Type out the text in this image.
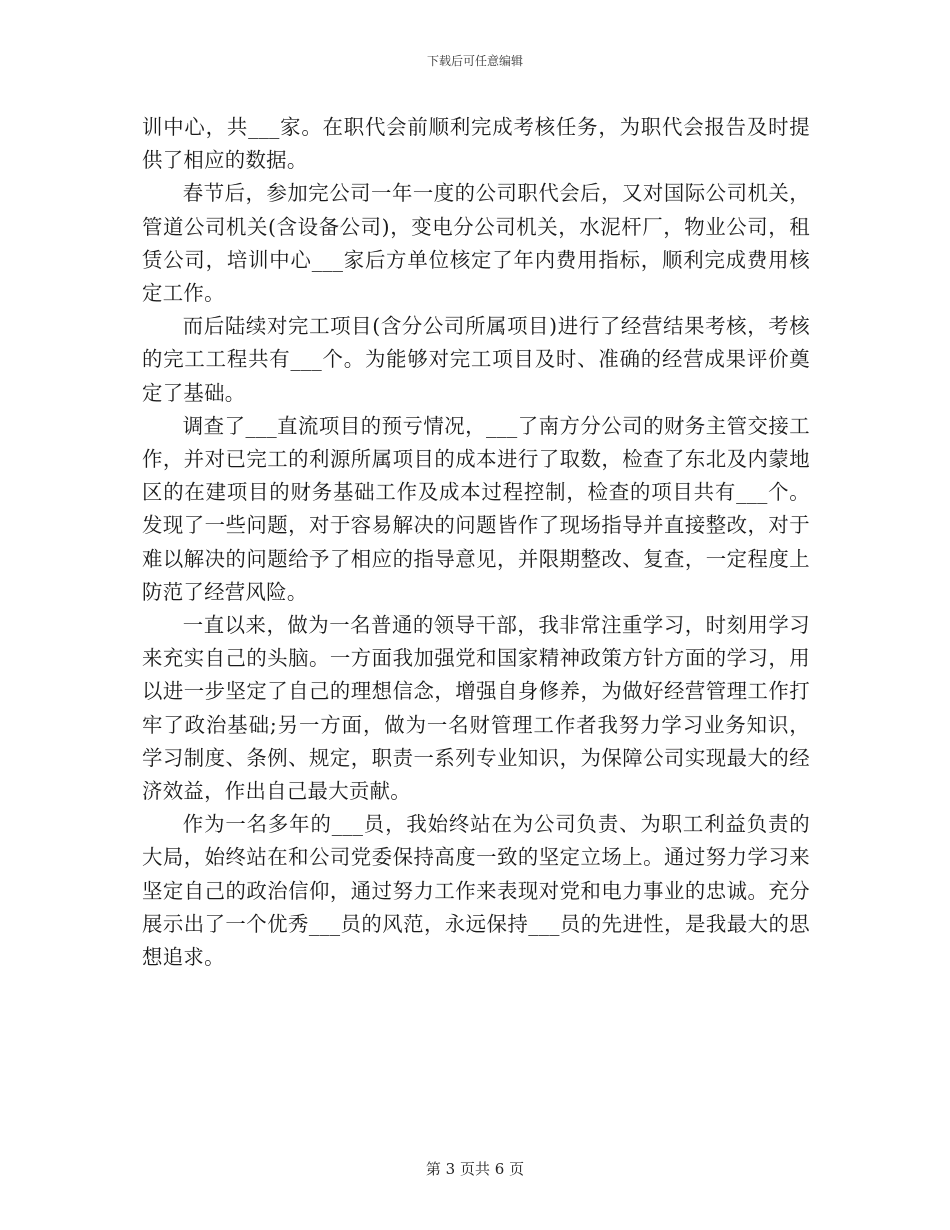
下载后可任意编辑

训中心，共___家。在职代会前顺利完成考核任务，为职代会报告及时提供了相应的数据。

春节后，参加完公司一年一度的公司职代会后，又对国际公司机关，管道公司机关(含设备公司)，变电分公司机关，水泥杆厂，物业公司，租赁公司，培训中心___家后方单位核定了年内费用指标，顺利完成费用核定工作。

而后陆续对完工项目(含分公司所属项目)进行了经营结果考核，考核的完工工程共有___个。为能够对完工项目及时、准确的经营成果评价奠定了基础。

调查了___直流项目的预亏情况，___了南方分公司的财务主管交接工作，并对已完工的利源所属项目的成本进行了取数，检查了东北及内蒙地区的在建项目的财务基础工作及成本过程控制，检查的项目共有___个。发现了一些问题，对于容易解决的问题皆作了现场指导并直接整改，对于难以解决的问题给予了相应的指导意见，并限期整改、复查，一定程度上防范了经营风险。

一直以来，做为一名普通的领导干部，我非常注重学习，时刻用学习来充实自己的头脑。一方面我加强党和国家精神政策方针方面的学习，用以进一步坚定了自己的理想信念，增强自身修养，为做好经营管理工作打牢了政治基础;另一方面，做为一名财管理工作者我努力学习业务知识，学习制度、条例、规定，职责一系列专业知识，为保障公司实现最大的经济效益，作出自己最大贡献。

作为一名多年的___员，我始终站在为公司负责、为职工利益负责的大局，始终站在和公司党委保持高度一致的坚定立场上。通过努力学习来坚定自己的政治信仰，通过努力工作来表现对党和电力事业的忠诚。充分展示出了一个优秀___员的风范，永远保持___员的先进性，是我最大的思想追求。

第 3 页共 6 页
